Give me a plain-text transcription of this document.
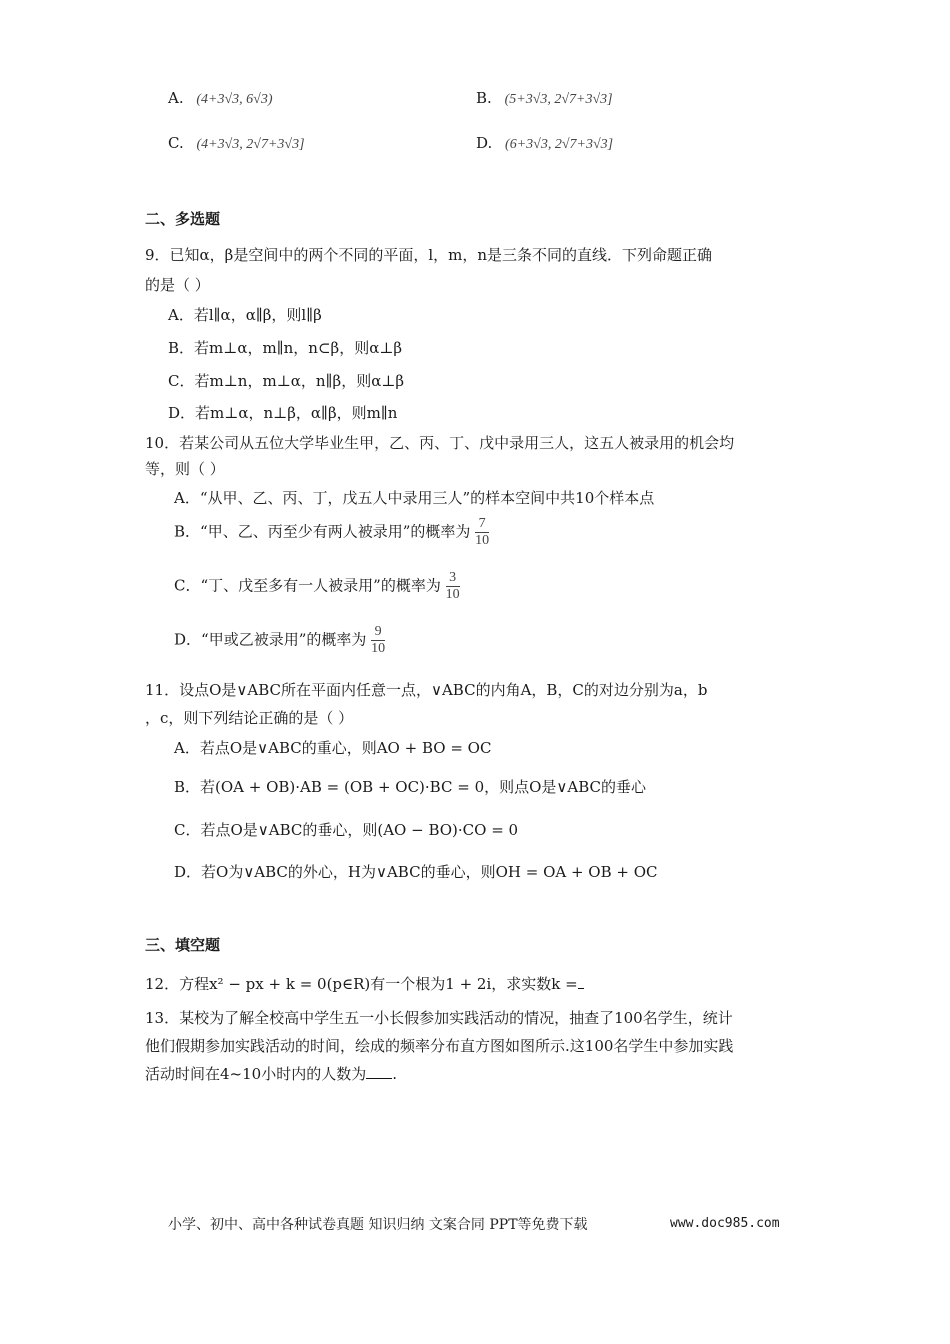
A. (4+3√3, 6√3)	B. (5+3√3, 2√7+3√3]
C. (4+3√3, 2√7+3√3]	D. (6+3√3, 2√7+3√3]
二、多选题
9．已知α，β是空间中的两个不同的平面，l，m，n是三条不同的直线．下列命题正确
的是（ ）
A．若l∥α，α∥β，则l∥β
B．若m⊥α，m∥n，n⊂β，则α⊥β
C．若m⊥n，m⊥α，n∥β，则α⊥β
D．若m⊥α，n⊥β，α∥β，则m∥n
10．若某公司从五位大学毕业生甲，乙、丙、丁、戊中录用三人，这五人被录用的机会均
等，则（ ）
A．“从甲、乙、丙、丁，戊五人中录用三人”的样本空间中共10个样本点
B．“甲、乙、丙至少有两人被录用”的概率为 $\frac{7}{10}$
C．“丁、戊至多有一人被录用”的概率为 $\frac{3}{10}$
D．“甲或乙被录用”的概率为 $\frac{9}{10}$
11．设点O是∨ABC所在平面内任意一点，∨ABC的内角A，B，C的对边分别为a，b
，c，则下列结论正确的是（ ）
A．若点O是∨ABC的重心，则AO + BO = OC
B．若(OA + OB)·AB = (OB + OC)·BC = 0，则点O是∨ABC的垂心
C．若点O是∨ABC的垂心，则(AO − BO)·CO = 0
D．若O为∨ABC的外心，H为∨ABC的垂心，则OH = OA + OB + OC
三、填空题
12．方程x² − px + k = 0(p∈R)有一个根为1 + 2i，求实数k =
13．某校为了解全校高中学生五一小长假参加实践活动的情况，抽查了100名学生，统计
他们假期参加实践活动的时间，绘成的频率分布直方图如图所示.这100名学生中参加实践
活动时间在4~10小时内的人数为 .
小学、初中、高中各种试卷真题 知识归纳 文案合同 PPT等免费下载	www.doc985.com
